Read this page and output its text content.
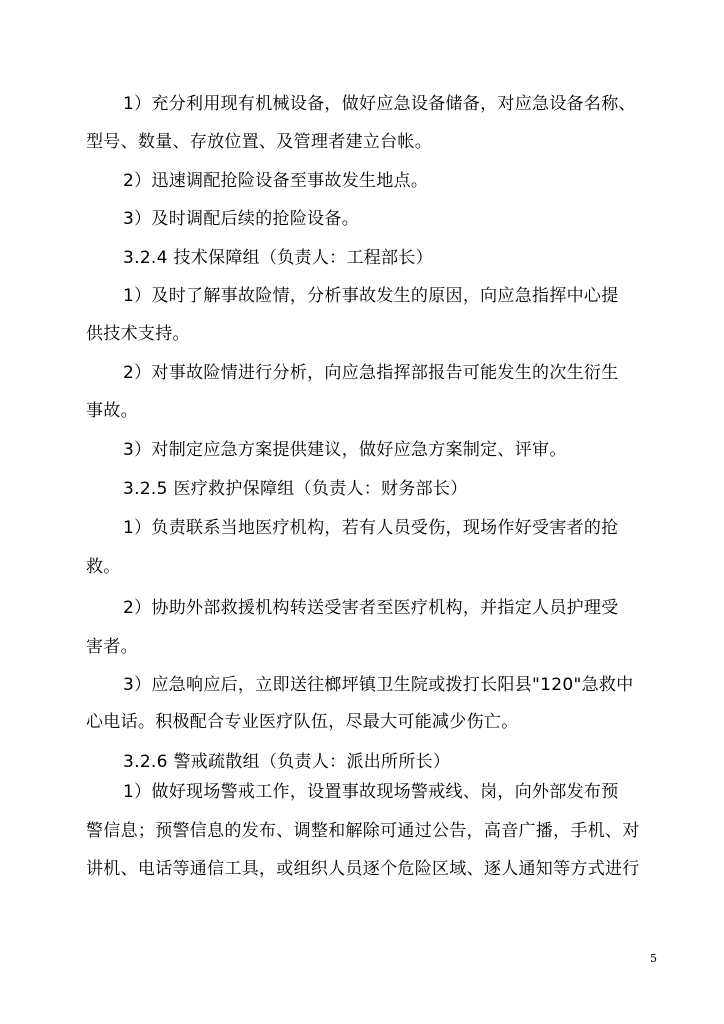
1）充分利用现有机械设备，做好应急设备储备，对应急设备名称、
型号、数量、存放位置、及管理者建立台帐。
2）迅速调配抢险设备至事故发生地点。
3）及时调配后续的抢险设备。
3.2.4 技术保障组（负责人：工程部长）
1）及时了解事故险情，分析事故发生的原因，向应急指挥中心提
供技术支持。
2）对事故险情进行分析，向应急指挥部报告可能发生的次生衍生
事故。
3）对制定应急方案提供建议，做好应急方案制定、评审。
3.2.5 医疗救护保障组（负责人：财务部长）
1）负责联系当地医疗机构，若有人员受伤，现场作好受害者的抢
救。
2）协助外部救援机构转送受害者至医疗机构，并指定人员护理受
害者。
3）应急响应后，立即送往榔坪镇卫生院或拨打长阳县"120"急救中
心电话。积极配合专业医疗队伍，尽最大可能减少伤亡。
3.2.6 警戒疏散组（负责人：派出所所长）
1）做好现场警戒工作，设置事故现场警戒线、岗，向外部发布预
警信息；预警信息的发布、调整和解除可通过公告，高音广播，手机、对
讲机、电话等通信工具，或组织人员逐个危险区域、逐人通知等方式进行
5
